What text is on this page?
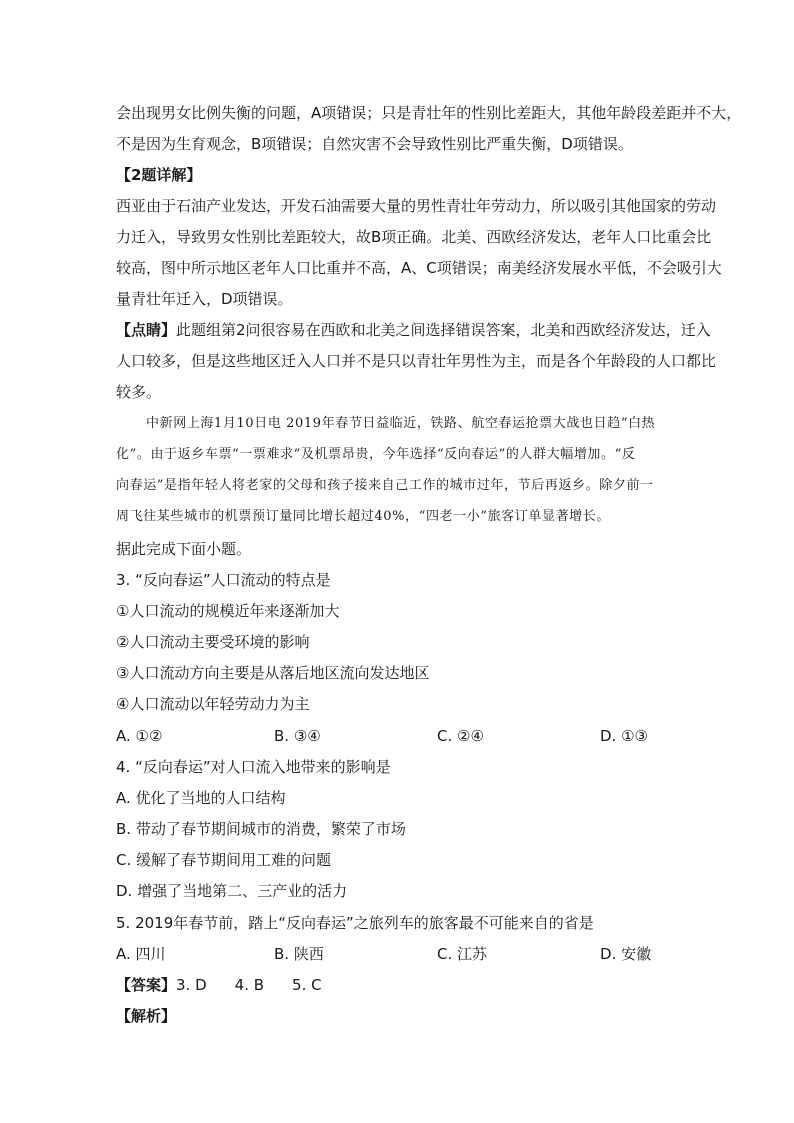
会出现男女比例失衡的问题，A项错误；只是青壮年的性别比差距大，其他年龄段差距并不大，
不是因为生育观念，B项错误；自然灾害不会导致性别比严重失衡，D项错误。
【2题详解】
西亚由于石油产业发达，开发石油需要大量的男性青壮年劳动力，所以吸引其他国家的劳动
力迁入，导致男女性别比差距较大，故B项正确。北美、西欧经济发达，老年人口比重会比
较高，图中所示地区老年人口比重并不高，A、C项错误；南美经济发展水平低，不会吸引大
量青壮年迁入，D项错误。
【点睛】此题组第2问很容易在西欧和北美之间选择错误答案，北美和西欧经济发达，迁入
人口较多，但是这些地区迁入人口并不是只以青壮年男性为主，而是各个年龄段的人口都比
较多。
中新网上海1月10日电 2019年春节日益临近，铁路、航空春运抢票大战也日趋“白热
化”。由于返乡车票“一票难求”及机票昂贵，今年选择“反向春运”的人群大幅增加。“反
向春运”是指年轻人将老家的父母和孩子接来自己工作的城市过年，节后再返乡。除夕前一
周飞往某些城市的机票预订量同比增长超过40%，“四老一小”旅客订单显著增长。
据此完成下面小题。
3. “反向春运”人口流动的特点是
①人口流动的规模近年来逐渐加大
②人口流动主要受环境的影响
③人口流动方向主要是从落后地区流向发达地区
④人口流动以年轻劳动力为主
A. ①②	B. ③④	C. ②④	D. ①③
4. “反向春运”对人口流入地带来的影响是
A. 优化了当地的人口结构
B. 带动了春节期间城市的消费，繁荣了市场
C. 缓解了春节期间用工难的问题
D. 增强了当地第二、三产业的活力
5. 2019年春节前，踏上“反向春运”之旅列车的旅客最不可能来自的省是
A. 四川	B. 陕西	C. 江苏	D. 安徽
【答案】3. D 4. B 5. C
【解析】
